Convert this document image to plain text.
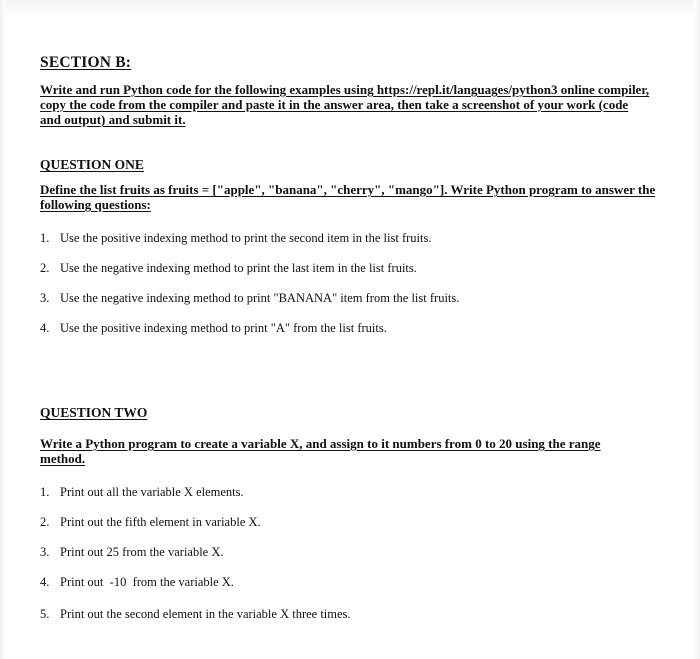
SECTION B:
Write and run Python code for the following examples using https://repl.it/languages/python3 online compiler, copy the code from the compiler and paste it in the answer area, then take a screenshot of your work (code and output) and submit it.
QUESTION ONE
Define the list fruits as fruits = ["apple", "banana", "cherry", "mango"]. Write Python program to answer the following questions:
1. Use the positive indexing method to print the second item in the list fruits.
2. Use the negative indexing method to print the last item in the list fruits.
3. Use the negative indexing method to print "BANANA" item from the list fruits.
4. Use the positive indexing method to print "A" from the list fruits.
QUESTION TWO
Write a Python program to create a variable X, and assign to it numbers from 0 to 20 using the range method.
1. Print out all the variable X elements.
2. Print out the fifth element in variable X.
3. Print out 25 from the variable X.
4. Print out  -10  from the variable X.
5. Print out the second element in the variable X three times.
